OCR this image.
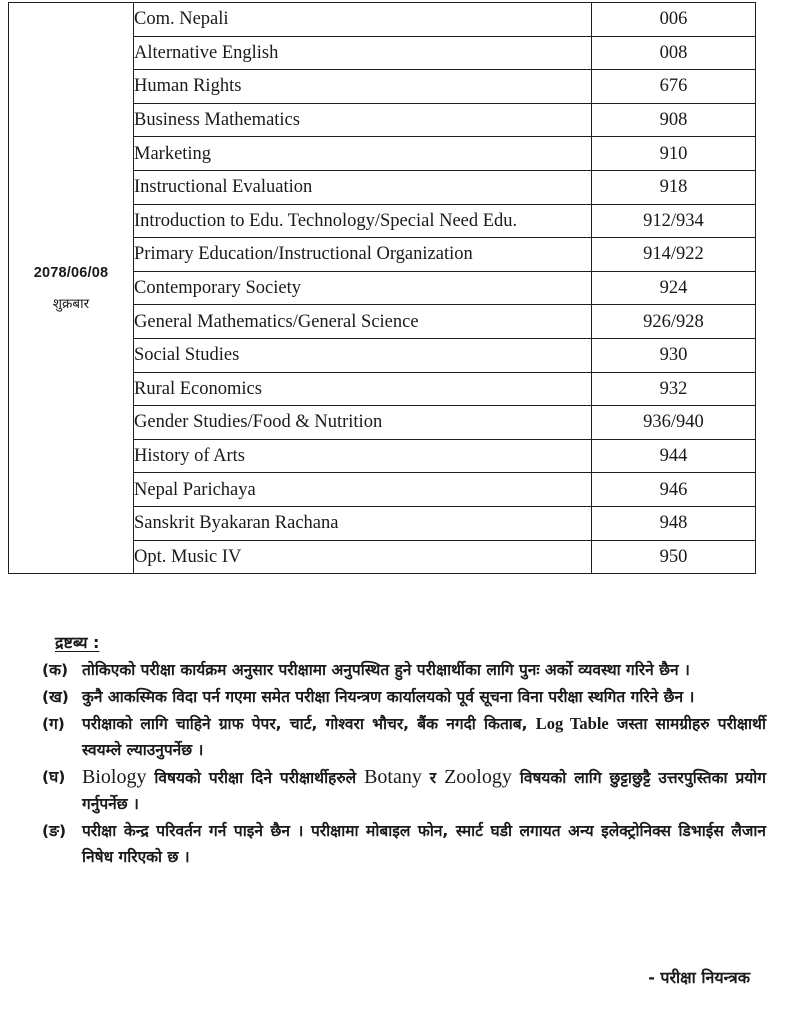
2078/06/08
शुक्रबार	Com. Nepali	006
	Alternative English	008
	Human Rights	676
	Business Mathematics	908
	Marketing	910
	Instructional Evaluation	918
	Introduction to Edu. Technology/Special Need Edu.	912/934
	Primary Education/Instructional Organization	914/922
	Contemporary Society	924
	General Mathematics/General Science	926/928
	Social Studies	930
	Rural Economics	932
	Gender Studies/Food & Nutrition	936/940
	History of Arts	944
	Nepal Parichaya	946
	Sanskrit Byakaran Rachana	948
	Opt. Music IV	950
द्रष्टब्य :
(क) तोकिएको परीक्षा कार्यक्रम अनुसार परीक्षामा अनुपस्थित हुने परीक्षार्थीका लागि पुनः अर्को व्यवस्था गरिने छैन ।
(ख) कुनै आकस्मिक विदा पर्न गएमा समेत परीक्षा नियन्त्रण कार्यालयको पूर्व सूचना विना परीक्षा स्थगित गरिने छैन ।
(ग)	परीक्षाको लागि चाहिने ग्राफ पेपर, चार्ट, गोश्वरा भौचर, बैंक नगदी किताब, Log Table जस्ता सामग्रीहरु परीक्षार्थी स्वयम्ले ल्याउनुपर्नेछ ।
(घ) Biology विषयको परीक्षा दिने परीक्षार्थीहरुले Botany र Zoology विषयको लागि छुट्टाछुट्टै उत्तरपुस्तिका प्रयोग गर्नुपर्नेछ ।
(ङ)	परीक्षा केन्द्र परिवर्तन गर्न पाइने छैन । परीक्षामा मोबाइल फोन, स्मार्ट घडी लगायत अन्य इलेक्ट्रोनिक्स डिभाईस लैजान निषेध गरिएको छ ।
- परीक्षा नियन्त्रक
